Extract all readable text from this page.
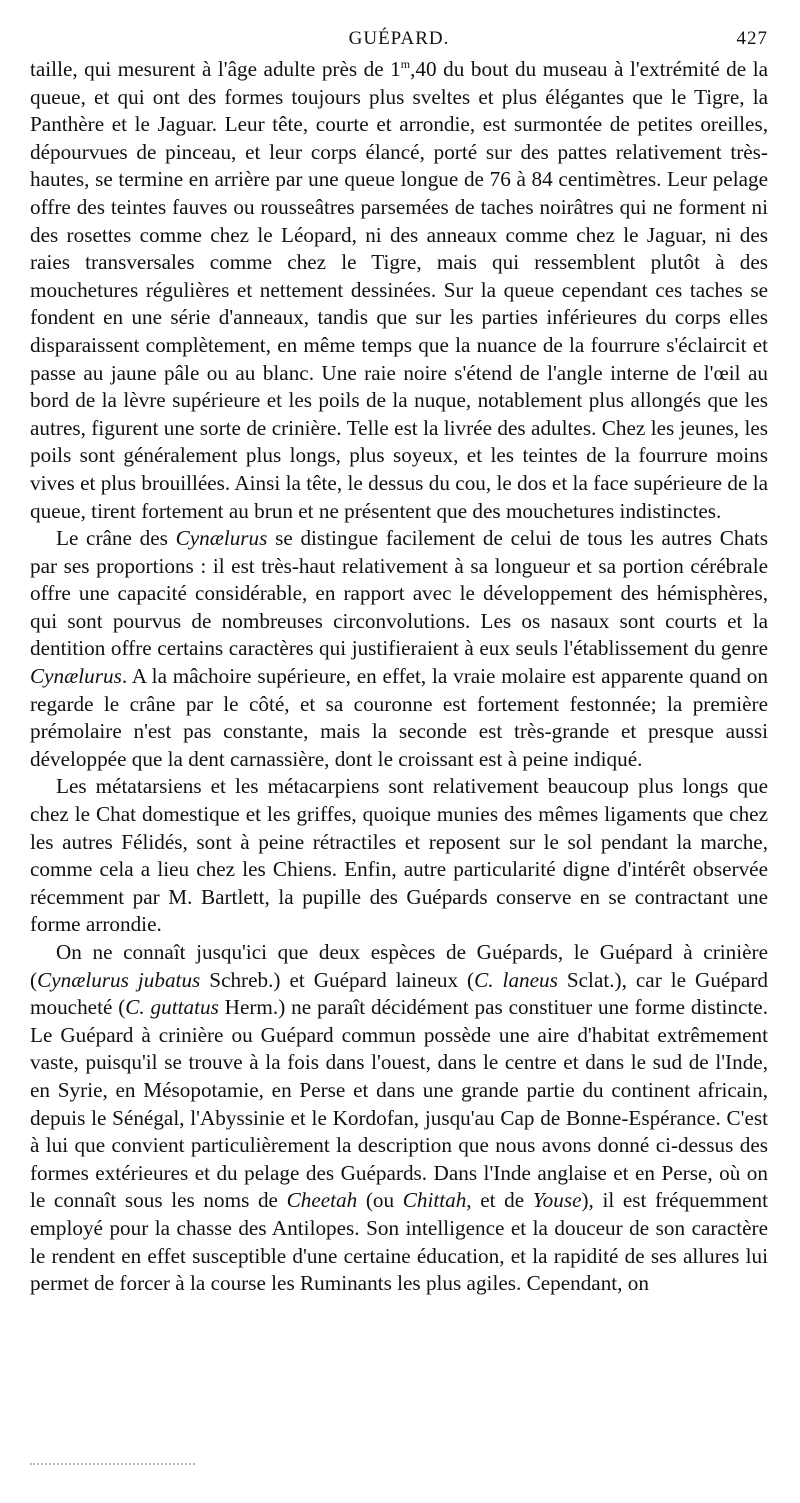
GUÉPARD.	427

taille, qui mesurent à l'âge adulte près de 1$^m$,40 du bout du museau à l'extrémité de la queue, et qui ont des formes toujours plus sveltes et plus élégantes que le Tigre, la Panthère et le Jaguar. Leur tête, courte et arrondie, est surmontée de petites oreilles, dépourvues de pinceau, et leur corps élancé, porté sur des pattes relativement très-hautes, se termine en arrière par une queue longue de 76 à 84 centimètres. Leur pelage offre des teintes fauves ou rousseâtres parsemées de taches noirâtres qui ne forment ni des rosettes comme chez le Léopard, ni des anneaux comme chez le Jaguar, ni des raies transversales comme chez le Tigre, mais qui ressemblent plutôt à des mouchetures régulières et nettement dessinées. Sur la queue cependant ces taches se fondent en une série d'anneaux, tandis que sur les parties inférieures du corps elles disparaissent complètement, en même temps que la nuance de la fourrure s'éclaircit et passe au jaune pâle ou au blanc. Une raie noire s'étend de l'angle interne de l'œil au bord de la lèvre supérieure et les poils de la nuque, notablement plus allongés que les autres, figurent une sorte de crinière. Telle est la livrée des adultes. Chez les jeunes, les poils sont généralement plus longs, plus soyeux, et les teintes de la fourrure moins vives et plus brouillées. Ainsi la tête, le dessus du cou, le dos et la face supérieure de la queue, tirent fortement au brun et ne présentent que des mouchetures indistinctes.

Le crâne des Cynælurus se distingue facilement de celui de tous les autres Chats par ses proportions : il est très-haut relativement à sa longueur et sa portion cérébrale offre une capacité considérable, en rapport avec le développement des hémisphères, qui sont pourvus de nombreuses circonvolutions. Les os nasaux sont courts et la dentition offre certains caractères qui justifieraient à eux seuls l'établissement du genre Cynælurus. A la mâchoire supérieure, en effet, la vraie molaire est apparente quand on regarde le crâne par le côté, et sa couronne est fortement festonnée; la première prémolaire n'est pas constante, mais la seconde est très-grande et presque aussi développée que la dent carnassière, dont le croissant est à peine indiqué.

Les métatarsiens et les métacarpiens sont relativement beaucoup plus longs que chez le Chat domestique et les griffes, quoique munies des mêmes ligaments que chez les autres Félidés, sont à peine rétractiles et reposent sur le sol pendant la marche, comme cela a lieu chez les Chiens. Enfin, autre particularité digne d'intérêt observée récemment par M. Bartlett, la pupille des Guépards conserve en se contractant une forme arrondie.

On ne connaît jusqu'ici que deux espèces de Guépards, le Guépard à crinière (Cynælurus jubatus Schreb.) et Guépard laineux (C. laneus Sclat.), car le Guépard moucheté (C. guttatus Herm.) ne paraît décidément pas constituer une forme distincte. Le Guépard à crinière ou Guépard commun possède une aire d'habitat extrêmement vaste, puisqu'il se trouve à la fois dans l'ouest, dans le centre et dans le sud de l'Inde, en Syrie, en Mésopotamie, en Perse et dans une grande partie du continent africain, depuis le Sénégal, l'Abyssinie et le Kordofan, jusqu'au Cap de Bonne-Espérance. C'est à lui que convient particulièrement la description que nous avons donné ci-dessus des formes extérieures et du pelage des Guépards. Dans l'Inde anglaise et en Perse, où on le connaît sous les noms de Cheetah (ou Chittah, et de Youse), il est fréquemment employé pour la chasse des Antilopes. Son intelligence et la douceur de son caractère le rendent en effet susceptible d'une certaine éducation, et la rapidité de ses allures lui permet de forcer à la course les Ruminants les plus agiles. Cependant, on
